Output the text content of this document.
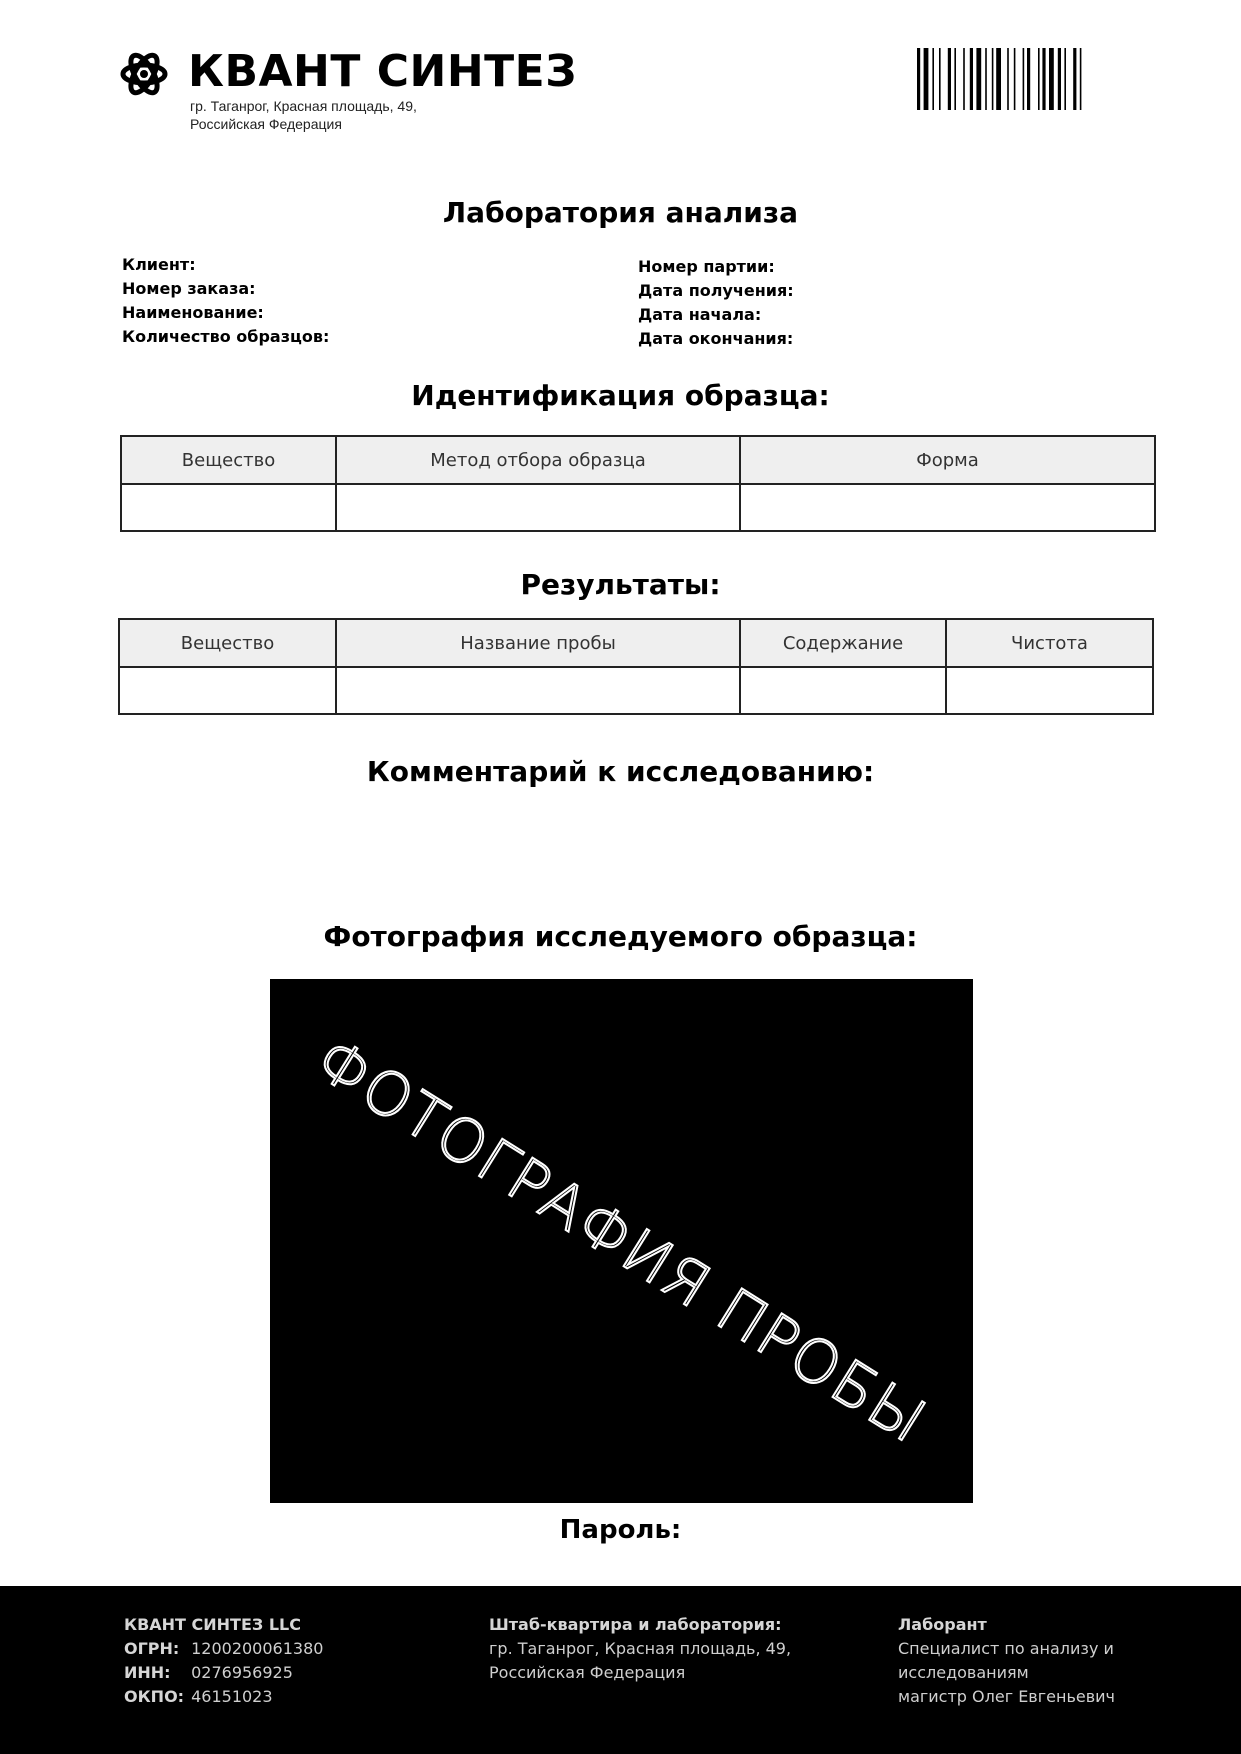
КВАНТ СИНТЕЗ
гр. Таганрог, Красная площадь, 49,
Российская Федерация
Лаборатория анализа
Клиент:
Номер заказа:
Наименование:
Количество образцов:
Номер партии:
Дата получения:
Дата начала:
Дата окончания:
Идентификация образца:
Вещество	Метод отбора образца	Форма

Результаты:
Вещество	Название пробы	Содержание	Чистота

Комментарий к исследованию:
Фотография исследуемого образца:
ФОТОГРАФИЯ ПРОБЫ
Пароль:
КВАНТ СИНТЕЗ LLC
ОГРН: 1200200061380
ИНН: 0276956925
ОКПО: 46151023
Штаб-квартира и лаборатория:
гр. Таганрог, Красная площадь, 49,
Российская Федерация
Лаборант
Специалист по анализу и
исследованиям
магистр Олег Евгеньевич
